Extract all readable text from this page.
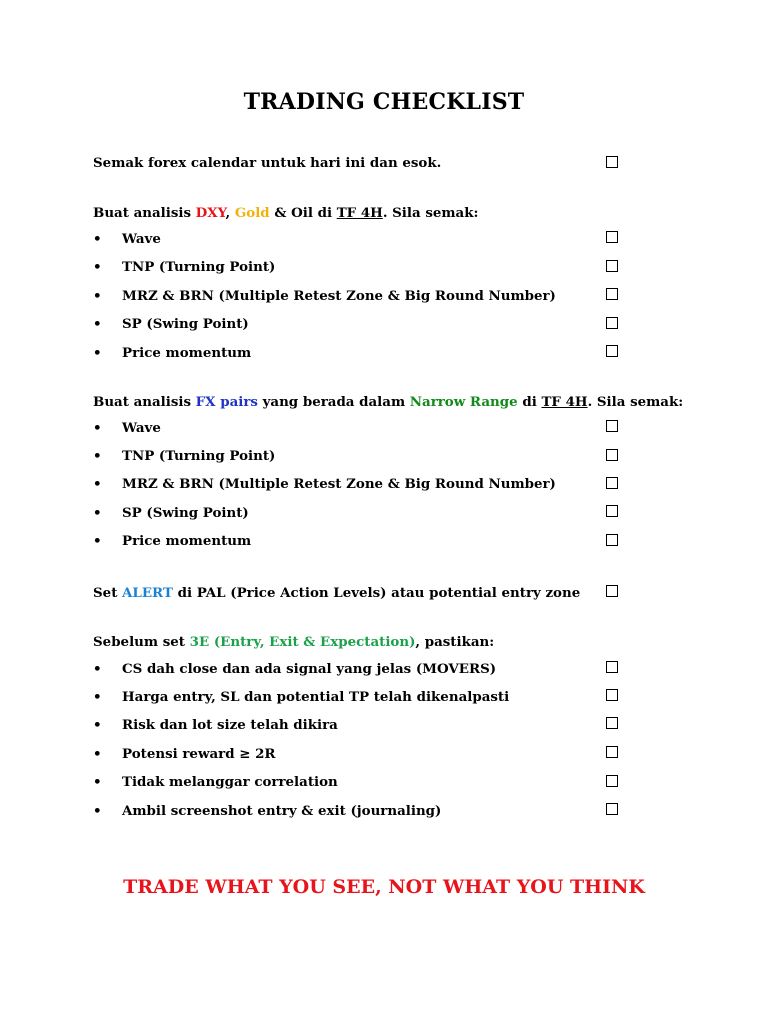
TRADING CHECKLIST
Semak forex calendar untuk hari ini dan esok.
Buat analisis DXY, Gold & Oil di TF 4H. Sila semak:
•	Wave
•	TNP (Turning Point)
•	MRZ & BRN (Multiple Retest Zone & Big Round Number)
•	SP (Swing Point)
•	Price momentum
Buat analisis FX pairs yang berada dalam Narrow Range di TF 4H. Sila semak:
•	Wave
•	TNP (Turning Point)
•	MRZ & BRN (Multiple Retest Zone & Big Round Number)
•	SP (Swing Point)
•	Price momentum
Set ALERT di PAL (Price Action Levels) atau potential entry zone
Sebelum set 3E (Entry, Exit & Expectation), pastikan:
•	CS dah close dan ada signal yang jelas (MOVERS)
•	Harga entry, SL dan potential TP telah dikenalpasti
•	Risk dan lot size telah dikira
•	Potensi reward ≥ 2R
•	Tidak melanggar correlation
•	Ambil screenshot entry & exit (journaling)
TRADE WHAT YOU SEE, NOT WHAT YOU THINK
